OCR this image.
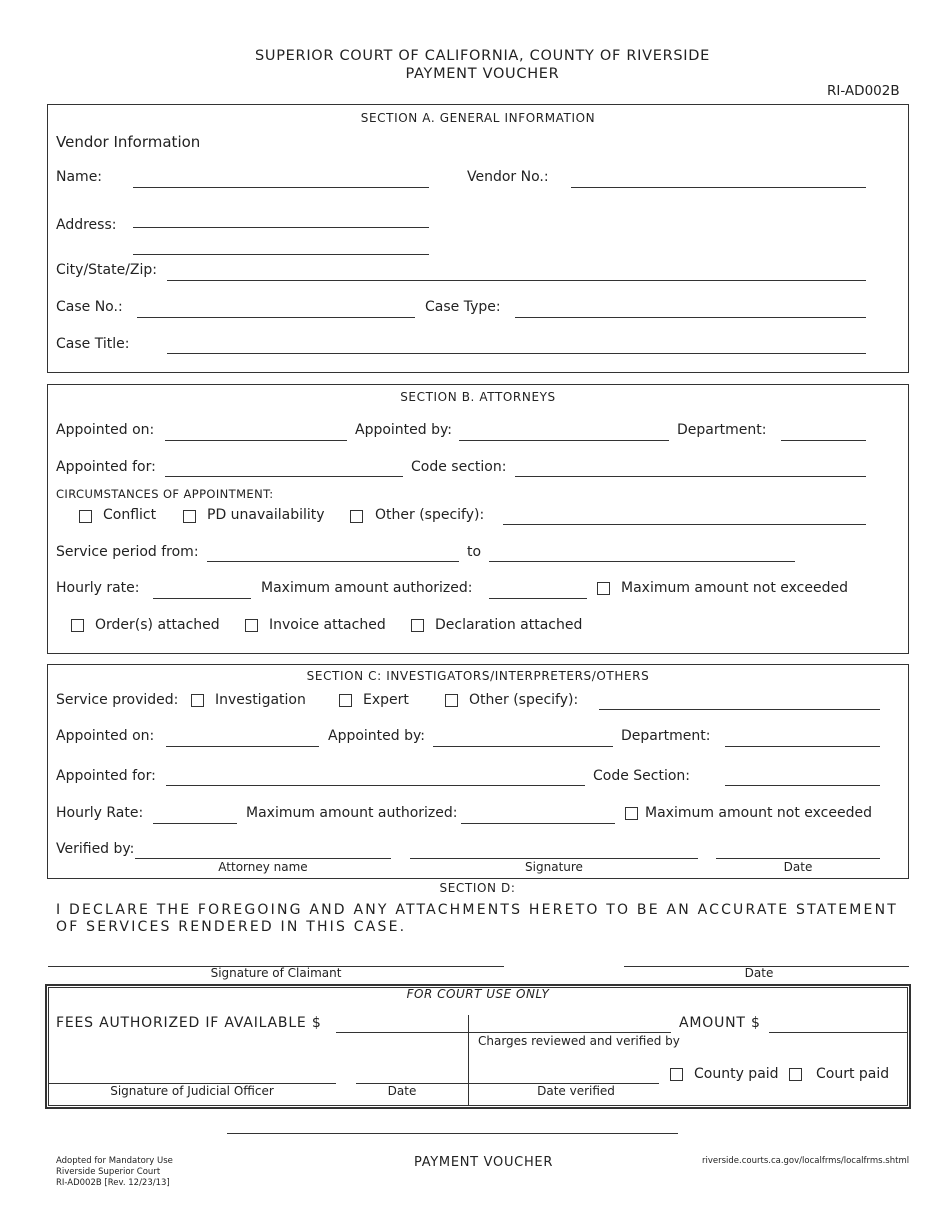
SUPERIOR COURT OF CALIFORNIA, COUNTY OF RIVERSIDE
PAYMENT VOUCHER
RI-AD002B
SECTION A. GENERAL INFORMATION
Vendor Information
Name:	Vendor No.:
Address:
City/State/Zip:
Case No.:	Case Type:
Case Title:
SECTION B. ATTORNEYS
Appointed on:	Appointed by:	Department:
Appointed for:	Code section:
CIRCUMSTANCES OF APPOINTMENT:
Conflict	PD unavailability	Other (specify):
Service period from:	to
Hourly rate:	Maximum amount authorized:	Maximum amount not exceeded
Order(s) attached	Invoice attached	Declaration attached
SECTION C: INVESTIGATORS/INTERPRETERS/OTHERS
Service provided:	Investigation	Expert	Other (specify):
Appointed on:	Appointed by:	Department:
Appointed for:	Code Section:
Hourly Rate:	Maximum amount authorized:	Maximum amount not exceeded
Verified by:
Attorney name	Signature	Date
SECTION D:
I DECLARE THE FOREGOING AND ANY ATTACHMENTS HERETO TO BE AN ACCURATE STATEMENT OF SERVICES RENDERED IN THIS CASE.
Signature of Claimant	Date
FOR COURT USE ONLY
FEES AUTHORIZED IF AVAILABLE $	AMOUNT $
Charges reviewed and verified by
County paid	Court paid
Signature of Judicial Officer	Date	Date verified
Adopted for Mandatory Use
Riverside Superior Court
RI-AD002B [Rev. 12/23/13]
PAYMENT VOUCHER	riverside.courts.ca.gov/localfrms/localfrms.shtml
